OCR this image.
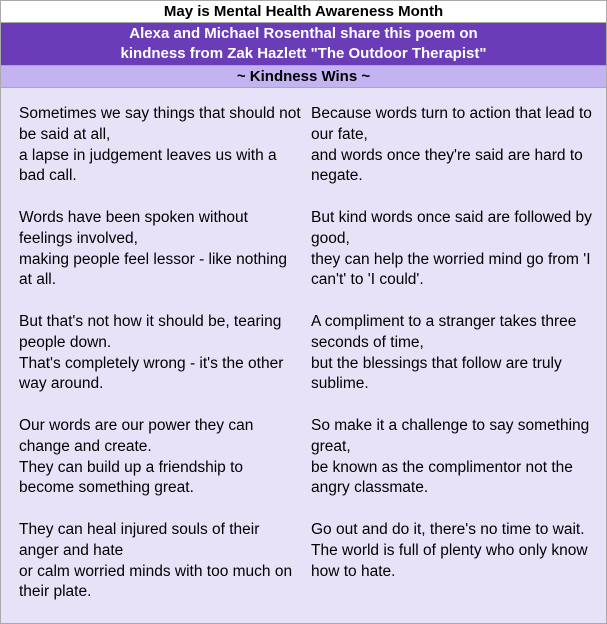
May is Mental Health Awareness Month
Alexa and Michael Rosenthal share this poem on
kindness from Zak Hazlett "The Outdoor Therapist"
~ Kindness Wins ~
Sometimes we say things that should not be said at all,
a lapse in judgement leaves us with a bad call.
Words have been spoken without feelings involved,
making people feel lessor - like nothing at all.
But that's not how it should be, tearing people down.
That's completely wrong - it's the other way around.
Our words are our power they can change and create.
They can build up a friendship to become something great.
They can heal injured souls of their anger and hate
or calm worried minds with too much on their plate.
Because words turn to action that lead to our fate,
and words once they're said are hard to negate.
But kind words once said are followed by good,
they can help the worried mind go from 'I can't' to 'I could'.
A compliment to a stranger takes three seconds of time,
but the blessings that follow are truly sublime.
So make it a challenge to say something great,
be known as the complimentor not the angry classmate.
Go out and do it, there's no time to wait.
The world is full of plenty who only know how to hate.
